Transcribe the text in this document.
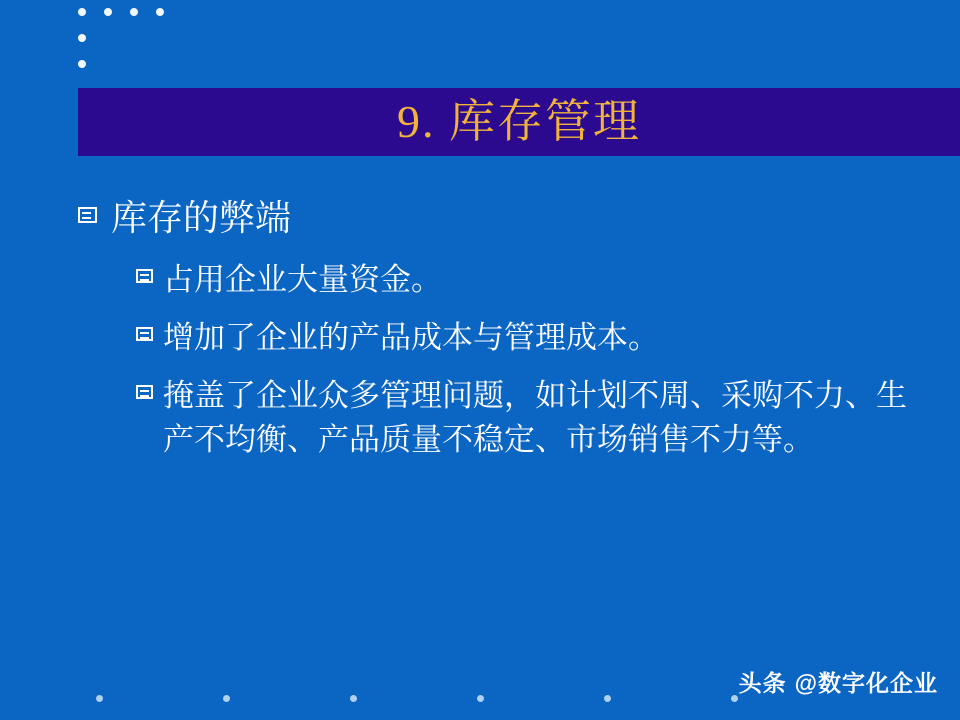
9. 库存管理
库存的弊端
占用企业大量资金。
增加了企业的产品成本与管理成本。
掩盖了企业众多管理问题，如计划不周、采购不力、生产不均衡、产品质量不稳定、市场销售不力等。
头条 @数字化企业
